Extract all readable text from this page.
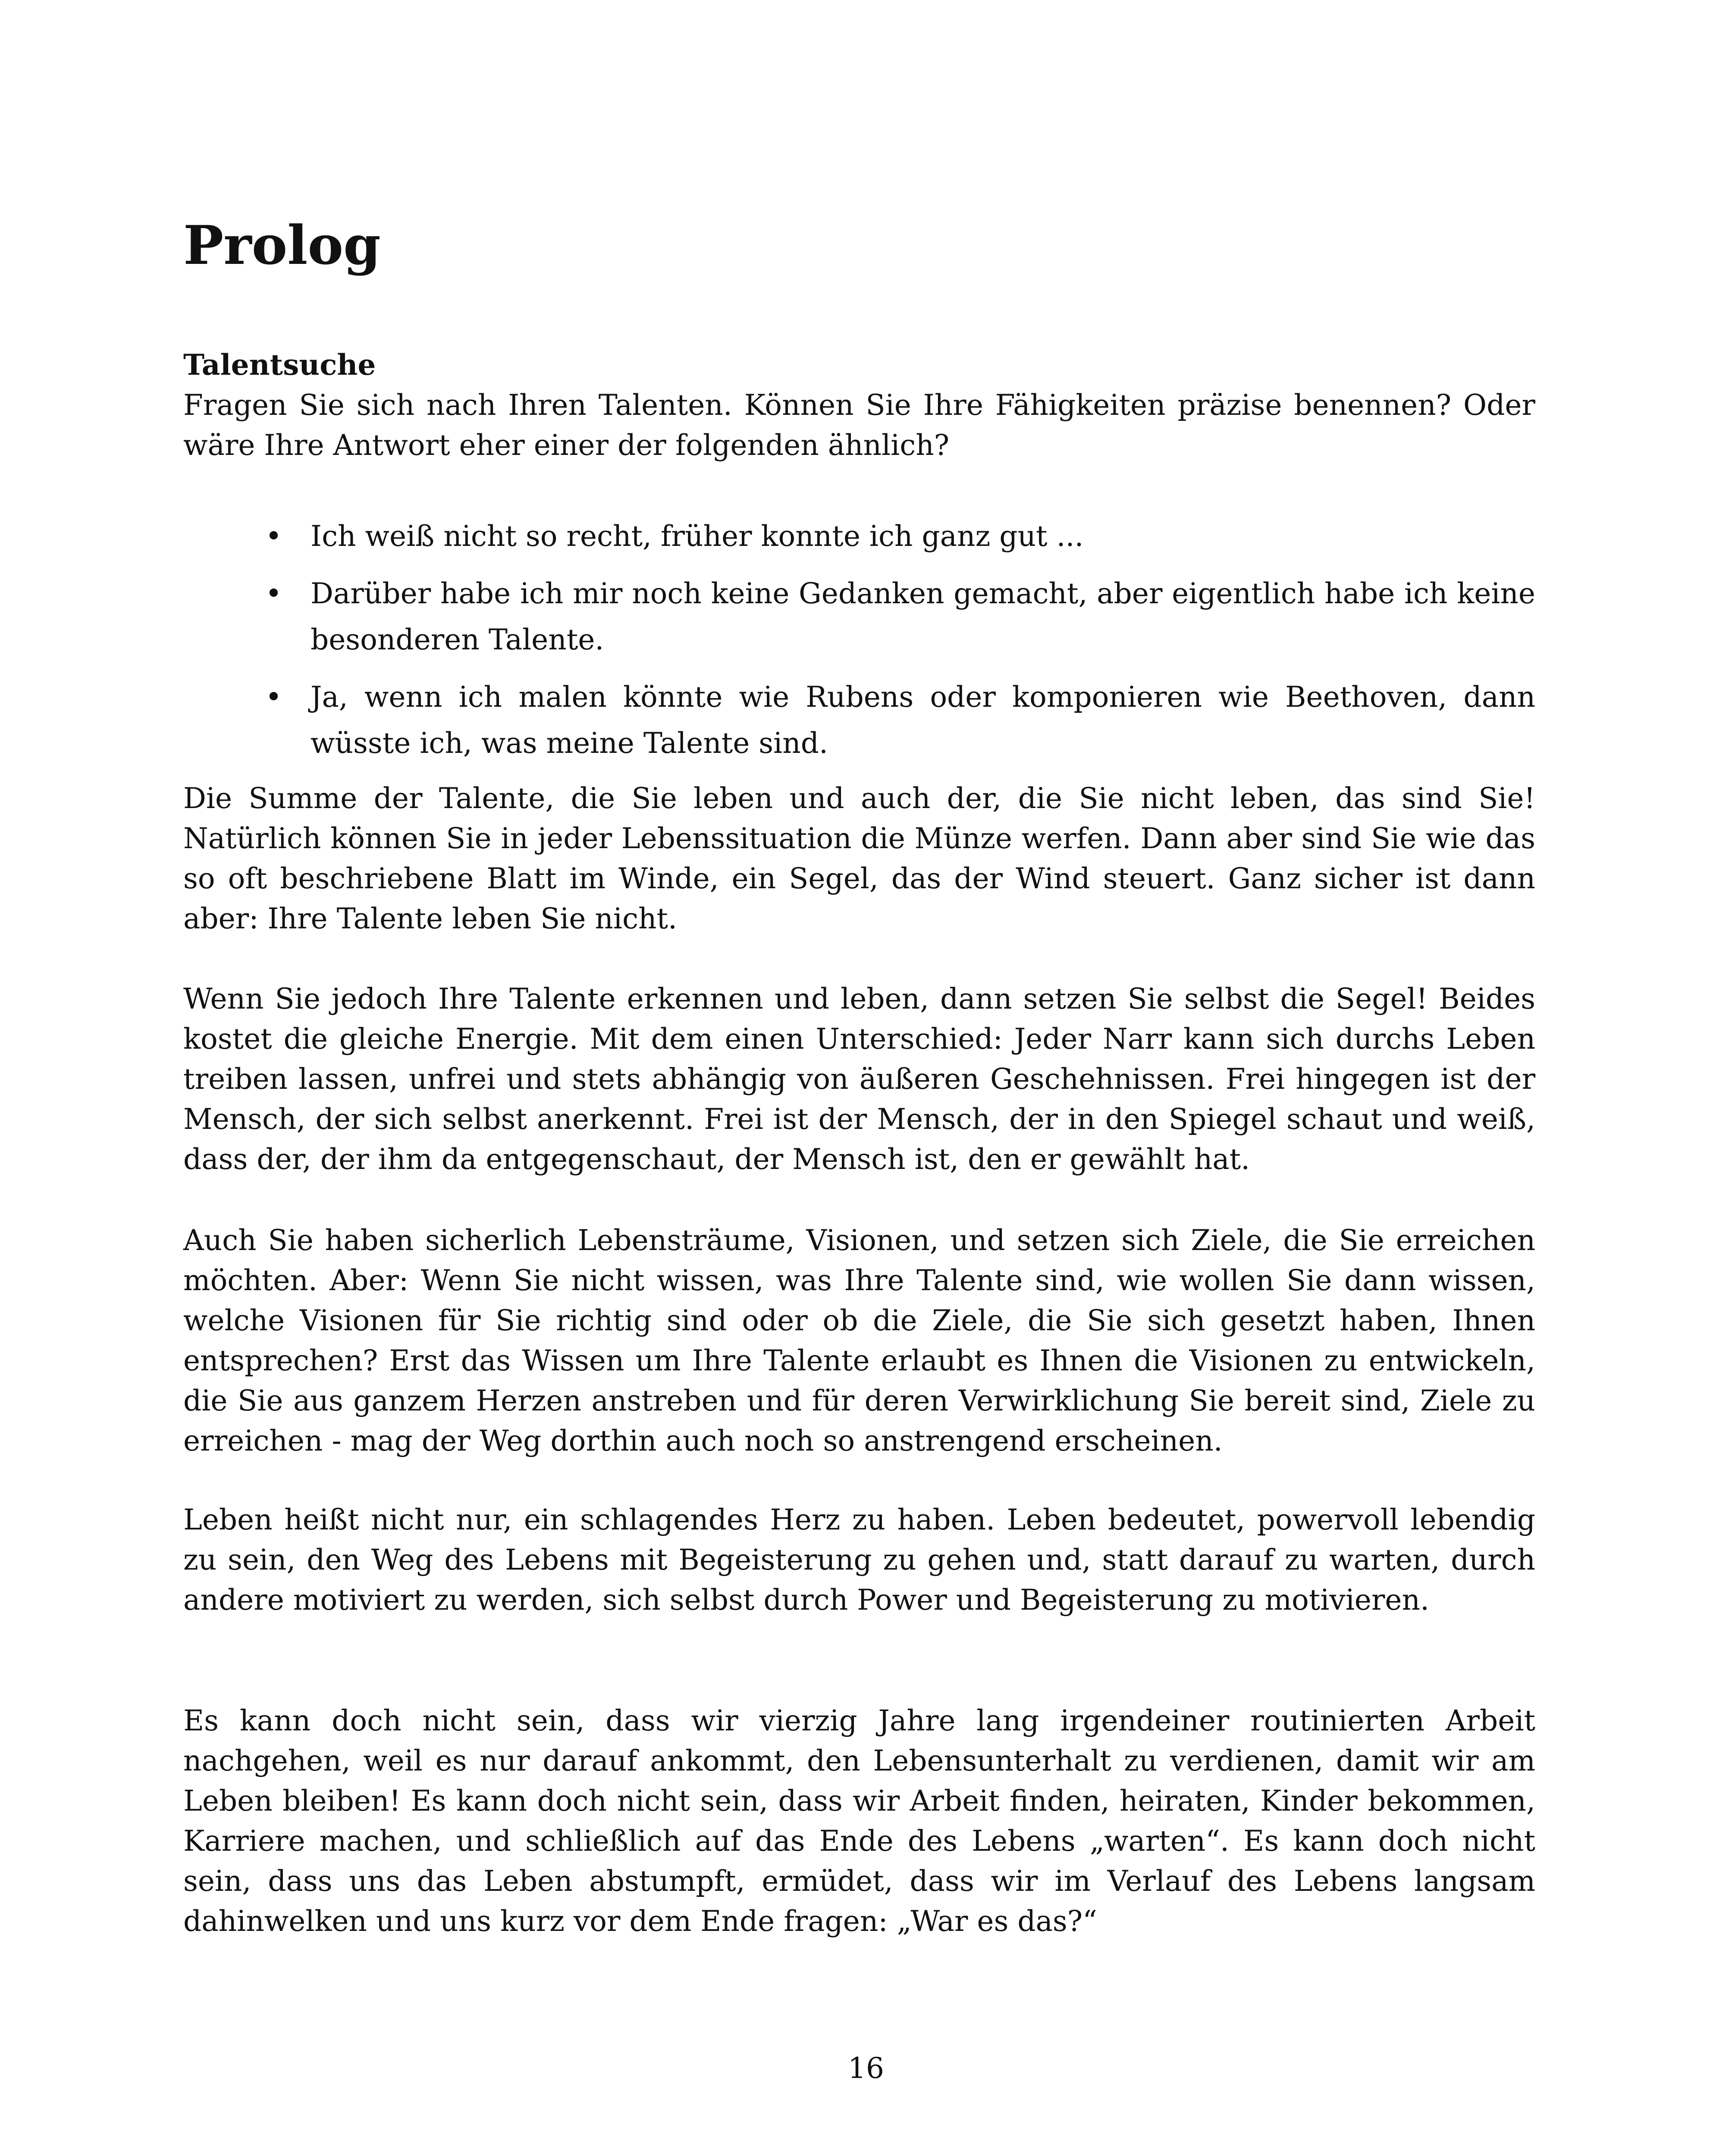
Prolog
Talentsuche

Fragen Sie sich nach Ihren Talenten. Können Sie Ihre Fähigkeiten präzise benennen? Oder wäre Ihre Antwort eher einer der folgenden ähnlich?

• Ich weiß nicht so recht, früher konnte ich ganz gut ...
• Darüber habe ich mir noch keine Gedanken gemacht, aber eigentlich habe ich keine besonderen Talente.
• Ja, wenn ich malen könnte wie Rubens oder komponieren wie Beethoven, dann wüsste ich, was meine Talente sind.

Die Summe der Talente, die Sie leben und auch der, die Sie nicht leben, das sind Sie! Natürlich können Sie in jeder Lebenssituation die Münze werfen. Dann aber sind Sie wie das so oft beschriebene Blatt im Winde, ein Segel, das der Wind steuert. Ganz sicher ist dann aber: Ihre Talente leben Sie nicht.

Wenn Sie jedoch Ihre Talente erkennen und leben, dann setzen Sie selbst die Segel! Beides kostet die gleiche Energie. Mit dem einen Unterschied: Jeder Narr kann sich durchs Leben treiben lassen, unfrei und stets abhängig von äußeren Geschehnissen. Frei hingegen ist der Mensch, der sich selbst anerkennt. Frei ist der Mensch, der in den Spiegel schaut und weiß, dass der, der ihm da entgegenschaut, der Mensch ist, den er gewählt hat.

Auch Sie haben sicherlich Lebensträume, Visionen, und setzen sich Ziele, die Sie erreichen möchten. Aber: Wenn Sie nicht wissen, was Ihre Talente sind, wie wollen Sie dann wissen, welche Visionen für Sie richtig sind oder ob die Ziele, die Sie sich gesetzt haben, Ihnen entsprechen? Erst das Wissen um Ihre Talente erlaubt es Ihnen die Visionen zu entwickeln, die Sie aus ganzem Herzen anstreben und für deren Verwirklichung Sie bereit sind, Ziele zu erreichen - mag der Weg dorthin auch noch so anstrengend erscheinen.

Leben heißt nicht nur, ein schlagendes Herz zu haben. Leben bedeutet, powervoll lebendig zu sein, den Weg des Lebens mit Begeisterung zu gehen und, statt darauf zu warten, durch andere motiviert zu werden, sich selbst durch Power und Begeisterung zu motivieren.

Es kann doch nicht sein, dass wir vierzig Jahre lang irgendeiner routinierten Arbeit nachgehen, weil es nur darauf ankommt, den Lebensunterhalt zu verdienen, damit wir am Leben bleiben! Es kann doch nicht sein, dass wir Arbeit finden, heiraten, Kinder bekommen, Karriere machen, und schließlich auf das Ende des Lebens „warten“. Es kann doch nicht sein, dass uns das Leben abstumpft, ermüdet, dass wir im Verlauf des Lebens langsam dahinwelken und uns kurz vor dem Ende fragen: „War es das?“

16
